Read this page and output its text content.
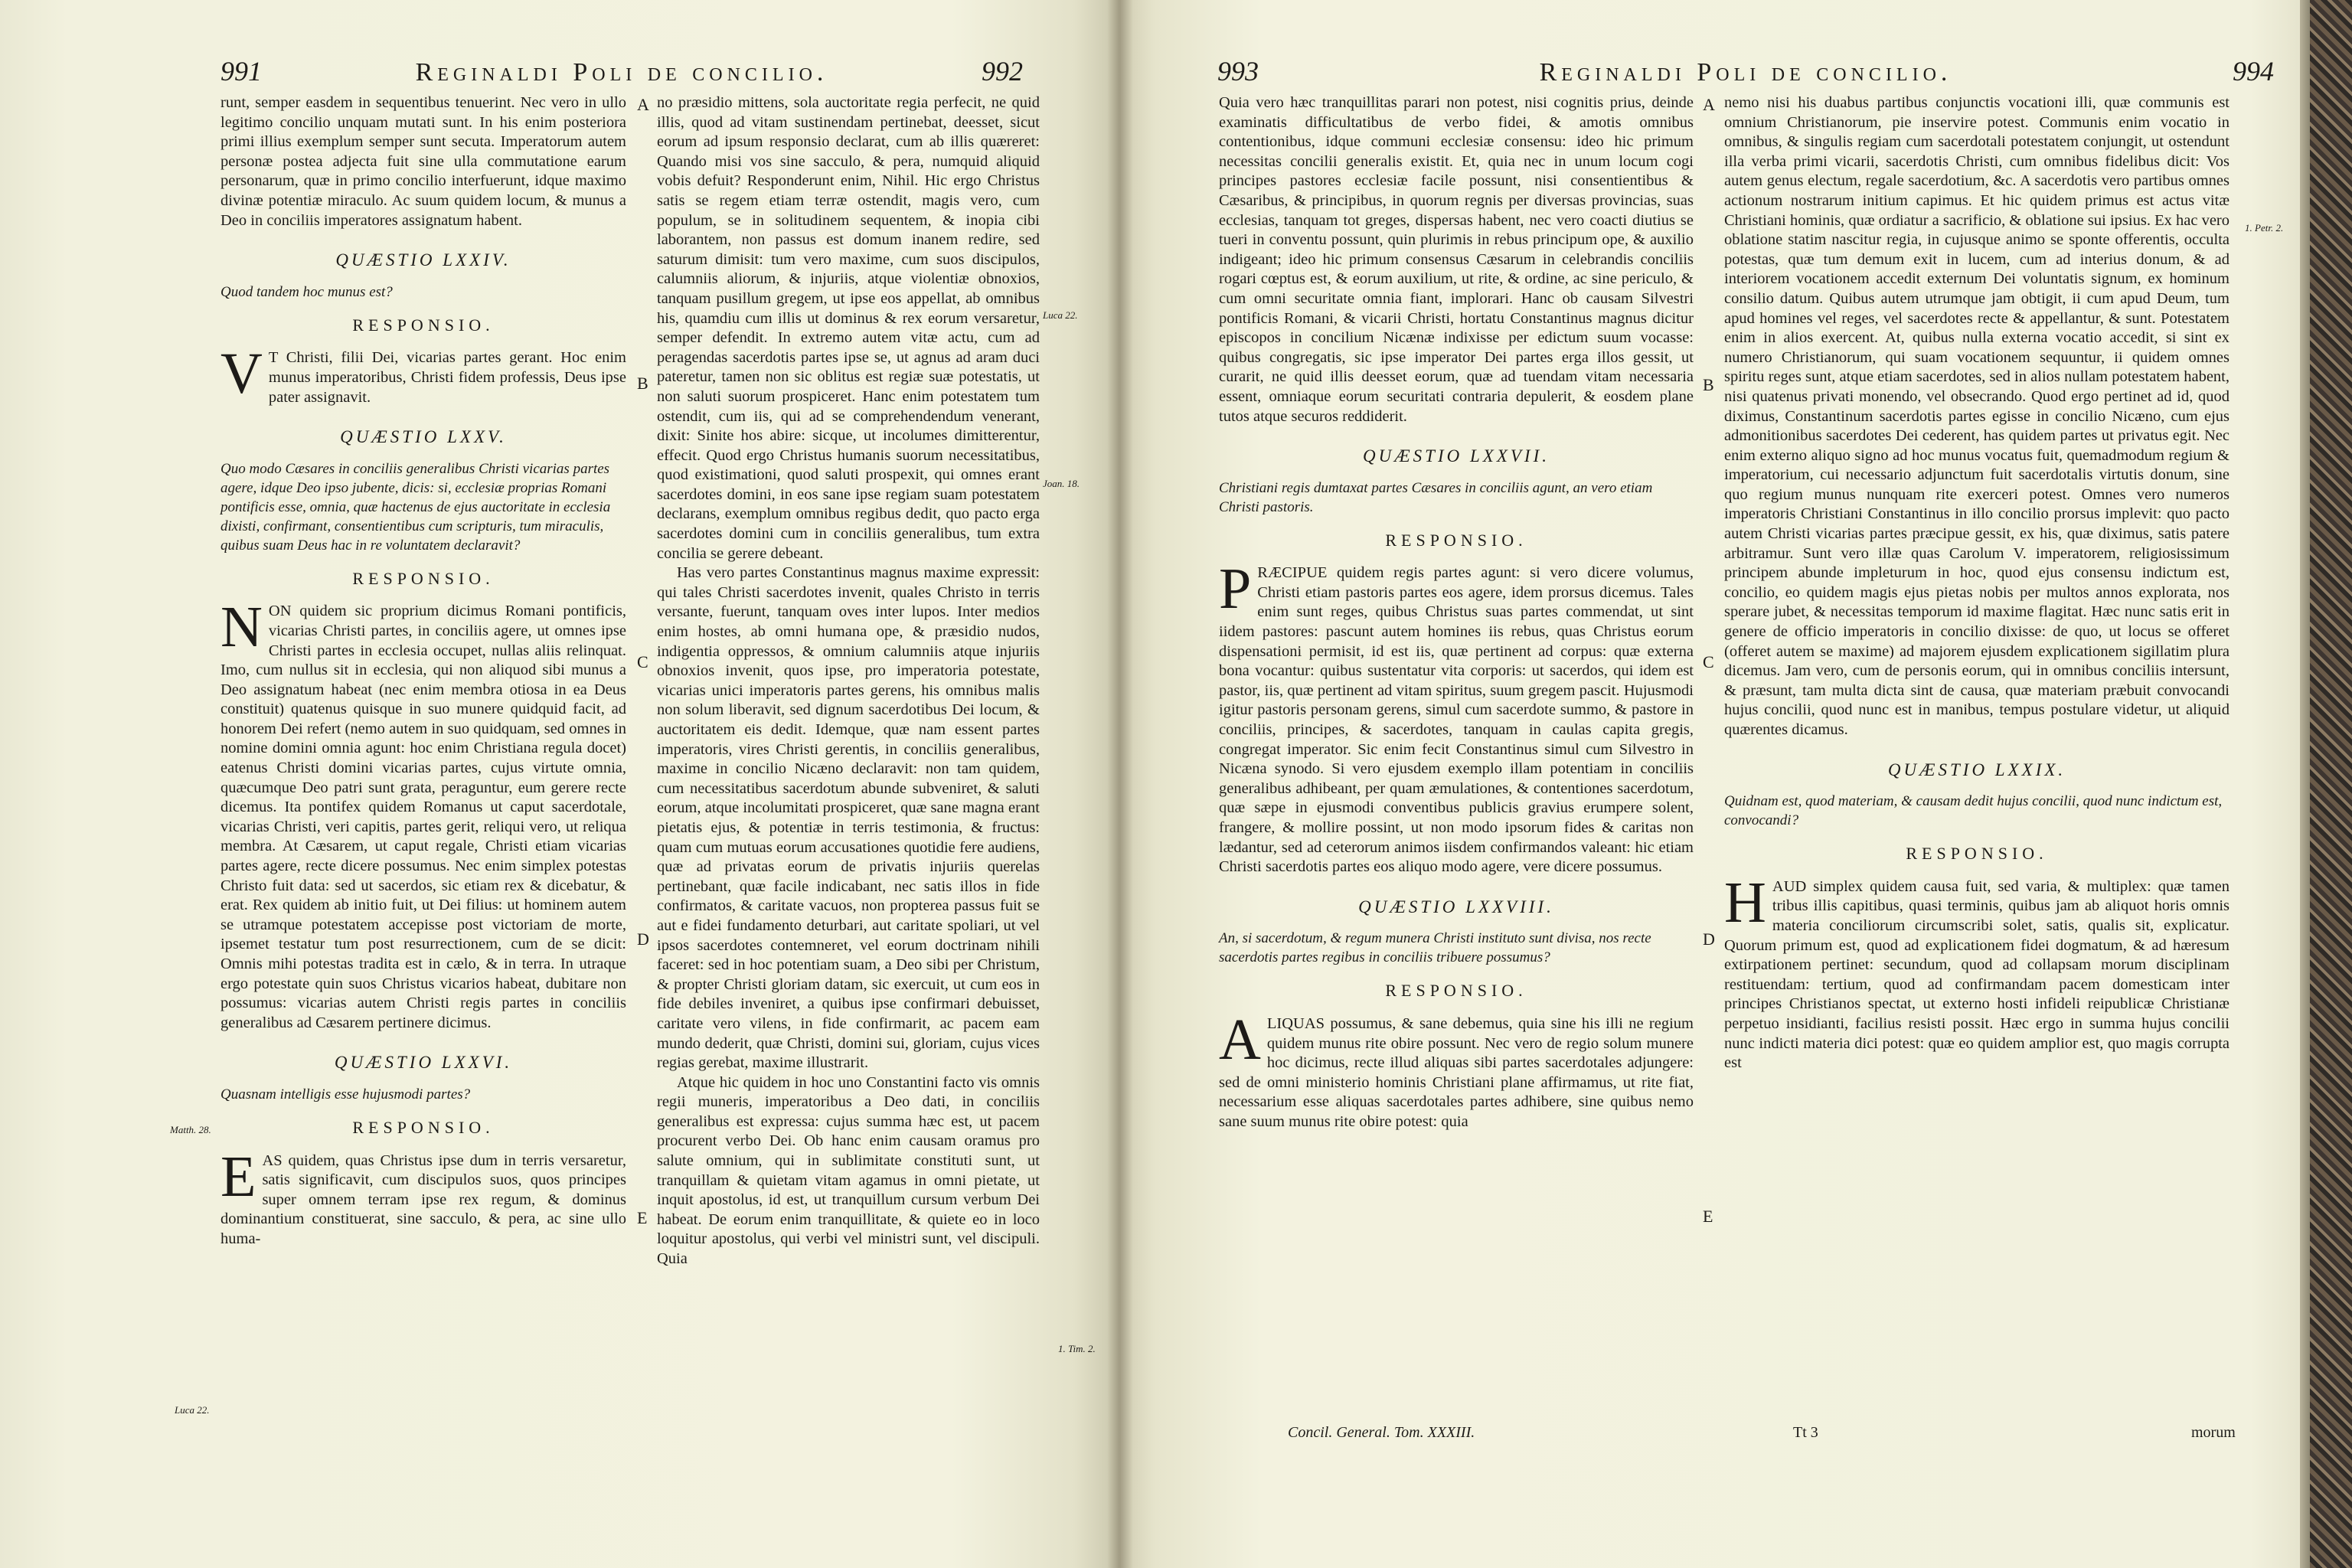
991	Reginaldi Poli de concilio.	992

runt, semper easdem in sequentibus tenuerint. Nec vero in ullo legitimo concilio unquam mutati sunt. In his enim posteriora primi illius exemplum semper sunt secuta. Imperatorum autem personæ postea adjecta fuit sine ulla commutatione earum personarum, quæ in primo concilio interfuerunt, idque maximo divinæ potentiæ miraculo. Ac suum quidem locum, & munus a Deo in conciliis imperatores assignatum habent.

QUÆSTIO LXXIV.
Quod tandem hoc munus est?
RESPONSIO.

V T Christi, filii Dei, vicarias partes gerant. Hoc enim munus imperatoribus, Christi fidem professis, Deus ipse pater assignavit.

QUÆSTIO LXXV.
Quo modo Cæsares in conciliis generalibus Christi vicarias partes agere, idque Deo ipso jubente, dicis: si, ecclesiæ proprias Romani pontificis esse, omnia, quæ hactenus de ejus auctoritate in ecclesia dixisti, confirmant, consentientibus cum scripturis, tum miraculis, quibus suam Deus hac in re voluntatem declaravit?
RESPONSIO.

NON quidem sic proprium dicimus Romani pontificis, vicarias Christi partes, in conciliis agere, ut omnes ipse Christi partes in ecclesia occupet, nullas aliis relinquat. Imo, cum nullus sit in ecclesia, qui non aliquod sibi munus a Deo assignatum habeat (nec enim membra otiosa in ea Deus constituit) quatenus quisque in suo munere quidquid facit, ad honorem Dei refert (nemo autem in suo quidquam, sed omnes in nomine domini omnia agunt: hoc enim Christiana regula docet) eatenus Christi domini vicarias partes, cujus virtute omnia, quæcumque Deo patri sunt grata, peraguntur, eum gerere recte dicemus. Ita pontifex quidem Romanus ut caput sacerdotale, vicarias Christi, veri capitis, partes gerit, reliqui vero, ut reliqua membra. At Cæsarem, ut caput regale, Christi etiam vicarias partes agere, recte dicere possumus. Nec enim simplex potestas Christo fuit data: sed ut sacerdos, sic etiam rex & dicebatur, & erat. Rex quidem ab initio fuit, ut Dei filius: ut hominem autem se utramque potestatem accepisse post victoriam de morte, ipsemet testatur tum post resurrectionem, cum de se dicit: Omnis mihi potestas tradita est in cælo, & in terra. In utraque ergo potestate quin suos Christus vicarios habeat, dubitare non possumus: vicarias autem Christi regis partes in conciliis generalibus ad Cæsarem pertinere dicimus.

QUÆSTIO LXXVI.
Quasnam intelligis esse hujusmodi partes?
RESPONSIO.

EAS quidem, quas Christus ipse dum in terris versaretur, satis significavit, cum discipulos suos, quos principes super omnem terram ipse rex regum, & dominus dominantium constituerat, sine sacculo, & pera, ac sine ullo huma-

no præsidio mittens, sola auctoritate regia perfecit, ne quid illis, quod ad vitam sustinendam pertinebat, deesset, sicut eorum ad ipsum responsio declarat, cum ab illis quæreret: Quando misi vos sine sacculo, & pera, numquid aliquid vobis defuit? Responderunt enim, Nihil. Hic ergo Christus satis se regem etiam terræ ostendit, magis vero, cum populum, se in solitudinem sequentem, & inopia cibi laborantem, non passus est domum inanem redire, sed saturum dimisit: tum vero maxime, cum suos discipulos, calumniis aliorum, & injuriis, atque violentiæ obnoxios, tanquam pusillum gregem, ut ipse eos appellat, ab omnibus his, quamdiu cum illis ut dominus & rex eorum versaretur, semper defendit. In extremo autem vitæ actu, cum ad peragendas sacerdotis partes ipse se, ut agnus ad aram duci pateretur, tamen non sic oblitus est regiæ suæ potestatis, ut non saluti suorum prospiceret. Hanc enim potestatem tum ostendit, cum iis, qui ad se comprehendendum venerant, dixit: Sinite hos abire: sicque, ut incolumes dimitterentur, effecit. Quod ergo Christus humanis suorum necessitatibus, quod existimationi, quod saluti prospexit, qui omnes erant sacerdotes domini, in eos sane ipse regiam suam potestatem declarans, exemplum omnibus regibus dedit, quo pacto erga sacerdotes domini cum in conciliis generalibus, tum extra concilia se gerere debeant.

Has vero partes Constantinus magnus maxime expressit: qui tales Christi sacerdotes invenit, quales Christo in terris versante, fuerunt, tanquam oves inter lupos. Inter medios enim hostes, ab omni humana ope, & præsidio nudos, indigentia oppressos, & omnium calumniis atque injuriis obnoxios invenit, quos ipse, pro imperatoria potestate, vicarias unici imperatoris partes gerens, his omnibus malis non solum liberavit, sed dignum sacerdotibus Dei locum, & auctoritatem eis dedit. Idemque, quæ nam essent partes imperatoris, vires Christi gerentis, in conciliis generalibus, maxime in concilio Nicæno declaravit: non tam quidem, cum necessitatibus sacerdotum abunde subveniret, & saluti eorum, atque incolumitati prospiceret, quæ sane magna erant pietatis ejus, & potentiæ in terris testimonia, & fructus: quam cum mutuas eorum accusationes quotidie fere audiens, quæ ad privatas eorum de privatis injuriis querelas pertinebant, quæ facile indicabant, nec satis illos in fide confirmatos, & caritate vacuos, non propterea passus fuit se aut e fidei fundamento deturbari, aut caritate spoliari, ut vel ipsos sacerdotes contemneret, vel eorum doctrinam nihili faceret: sed in hoc potentiam suam, a Deo sibi per Christum, & propter Christi gloriam datam, sic exercuit, ut cum eos in fide debiles inveniret, a quibus ipse confirmari debuisset, caritate vero vilens, in fide confirmarit, ac pacem eam mundo dederit, quæ Christi, domini sui, gloriam, cujus vices regias gerebat, maxime illustrarit.

Atque hic quidem in hoc uno Constantini facto vis omnis regii muneris, imperatoribus a Deo dati, in conciliis generalibus est expressa: cujus summa hæc est, ut pacem procurent verbo Dei. Ob hanc enim causam oramus pro salute omnium, qui in sublimitate constituti sunt, ut tranquillam & quietam vitam agamus in omni pietate, ut inquit apostolus, id est, ut tranquillum cursum verbum Dei habeat. De eorum enim tranquillitate, & quiete eo in loco loquitur apostolus, qui verbi vel ministri sunt, vel discipuli. Quia

A
B
C
D
E
Luca 22.
Joan. 18.
Matth. 28.
Luca 22.
1. Tim. 2.
993	Reginaldi Poli de concilio.	994

Quia vero hæc tranquillitas parari non potest, nisi cognitis prius, deinde examinatis difficultatibus de verbo fidei, & amotis omnibus contentionibus, idque communi ecclesiæ consensu: ideo hic primum necessitas concilii generalis existit. Et, quia nec in unum locum cogi principes pastores ecclesiæ facile possunt, nisi consentientibus & Cæsaribus, & principibus, in quorum regnis per diversas provincias, suas ecclesias, tanquam tot greges, dispersas habent, nec vero coacti diutius se tueri in conventu possunt, quin plurimis in rebus principum ope, & auxilio indigeant; ideo hic primum consensus Cæsarum in celebrandis conciliis rogari cœptus est, & eorum auxilium, ut rite, & ordine, ac sine periculo, & cum omni securitate omnia fiant, implorari. Hanc ob causam Silvestri pontificis Romani, & vicarii Christi, hortatu Constantinus magnus dicitur episcopos in concilium Nicænæ indixisse per edictum suum vocasse: quibus congregatis, sic ipse imperator Dei partes erga illos gessit, ut curarit, ne quid illis deesset eorum, quæ ad tuendam vitam necessaria essent, omniaque eorum securitati contraria depulerit, & eosdem plane tutos atque securos reddiderit.

QUÆSTIO LXXVII.
Christiani regis dumtaxat partes Cæsares in conciliis agunt, an vero etiam Christi pastoris.
RESPONSIO.

PRÆCIPUE quidem regis partes agunt: si vero dicere volumus, Christi etiam pastoris partes eos agere, idem prorsus dicemus. Tales enim sunt reges, quibus Christus suas partes commendat, ut sint iidem pastores: pascunt autem homines iis rebus, quas Christus eorum dispensationi permisit, id est iis, quæ pertinent ad corpus: quæ externa bona vocantur: quibus sustentatur vita corporis: ut sacerdos, qui idem est pastor, iis, quæ pertinent ad vitam spiritus, suum gregem pascit. Hujusmodi igitur pastoris personam gerens, simul cum sacerdote summo, & pastore in conciliis, principes, & sacerdotes, tanquam in caulas capita gregis, congregat imperator. Sic enim fecit Constantinus simul cum Silvestro in Nicæna synodo. Si vero ejusdem exemplo illam potentiam in conciliis generalibus adhibeant, per quam æmulationes, & contentiones sacerdotum, quæ sæpe in ejusmodi conventibus publicis gravius erumpere solent, frangere, & mollire possint, ut non modo ipsorum fides & caritas non lædantur, sed ad ceterorum animos iisdem confirmandos valeant: hic etiam Christi sacerdotis partes eos aliquo modo agere, vere dicere possumus.

QUÆSTIO LXXVIII.
An, si sacerdotum, & regum munera Christi instituto sunt divisa, nos recte sacerdotis partes regibus in conciliis tribuere possumus?
RESPONSIO.

ALIQUAS possumus, & sane debemus, quia sine his illi ne regium quidem munus rite obire possunt. Nec vero de regio solum munere hoc dicimus, recte illud aliquas sibi partes sacerdotales adjungere: sed de omni ministerio hominis Christiani plane affirmamus, ut rite fiat, necessarium esse aliquas sacerdotales partes adhibere, sine quibus nemo sane suum munus rite obire potest: quia

nemo nisi his duabus partibus conjunctis vocationi illi, quæ communis est omnium Christianorum, pie inservire potest. Communis enim vocatio in omnibus, & singulis regiam cum sacerdotali potestatem conjungit, ut ostendunt illa verba primi vicarii, sacerdotis Christi, cum omnibus fidelibus dicit: Vos autem genus electum, regale sacerdotium, &c. A sacerdotis vero partibus omnes actionum nostrarum initium capimus. Et hic quidem primus est actus vitæ Christiani hominis, quæ ordiatur a sacrificio, & oblatione sui ipsius. Ex hac vero oblatione statim nascitur regia, in cujusque animo se sponte offerentis, occulta potestas, quæ tum demum exit in lucem, cum ad interius donum, & ad interiorem vocationem accedit externum Dei voluntatis signum, ex hominum consilio datum. Quibus autem utrumque jam obtigit, ii cum apud Deum, tum apud homines vel reges, vel sacerdotes recte & appellantur, & sunt. Potestatem enim in alios exercent. At, quibus nulla externa vocatio accedit, si sint ex numero Christianorum, qui suam vocationem sequuntur, ii quidem omnes spiritu reges sunt, atque etiam sacerdotes, sed in alios nullam potestatem habent, nisi quatenus privati monendo, vel obsecrando. Quod ergo pertinet ad id, quod diximus, Constantinum sacerdotis partes egisse in concilio Nicæno, cum ejus admonitionibus sacerdotes Dei cederent, has quidem partes ut privatus egit. Nec enim externo aliquo signo ad hoc munus vocatus fuit, quemadmodum regium & imperatorium, cui necessario adjunctum fuit sacerdotalis virtutis donum, sine quo regium munus nunquam rite exerceri potest. Omnes vero numeros imperatoris Christiani Constantinus in illo concilio prorsus implevit: quo pacto autem Christi vicarias partes præcipue gessit, ex his, quæ diximus, satis patere arbitramur. Sunt vero illæ quas Carolum V. imperatorem, religiosissimum principem abunde impleturum in hoc, quod ejus consensu indictum est, concilio, eo quidem magis ejus pietas nobis per multos annos explorata, nos sperare jubet, & necessitas temporum id maxime flagitat. Hæc nunc satis erit in genere de officio imperatoris in concilio dixisse: de quo, ut locus se offeret (offeret autem se maxime) ad majorem ejusdem explicationem sigillatim plura dicemus. Jam vero, cum de personis eorum, qui in omnibus conciliis intersunt, & præsunt, tam multa dicta sint de causa, quæ materiam præbuit convocandi hujus concilii, quod nunc est in manibus, tempus postulare videtur, ut aliquid quærentes dicamus.

QUÆSTIO LXXIX.
Quidnam est, quod materiam, & causam dedit hujus concilii, quod nunc indictum est, convocandi?
RESPONSIO.

HAUD simplex quidem causa fuit, sed varia, & multiplex: quæ tamen tribus illis capitibus, quasi terminis, quibus jam ab aliquot horis omnis materia conciliorum circumscribi solet, satis, qualis sit, explicatur. Quorum primum est, quod ad explicationem fidei dogmatum, & ad hæresum extirpationem pertinet: secundum, quod ad collapsam morum disciplinam restituendam: tertium, quod ad confirmandam pacem domesticam inter principes Christianos spectat, ut externo hosti infideli reipublicæ Christianæ perpetuo insidianti, facilius resisti possit. Hæc ergo in summa hujus concilii nunc indicti materia dici potest: quæ eo quidem amplior est, quo magis corrupta est

A
B
C
D
E
1. Petr. 2.
Concil. General. Tom. XXXIII.	Tt 3	morum
